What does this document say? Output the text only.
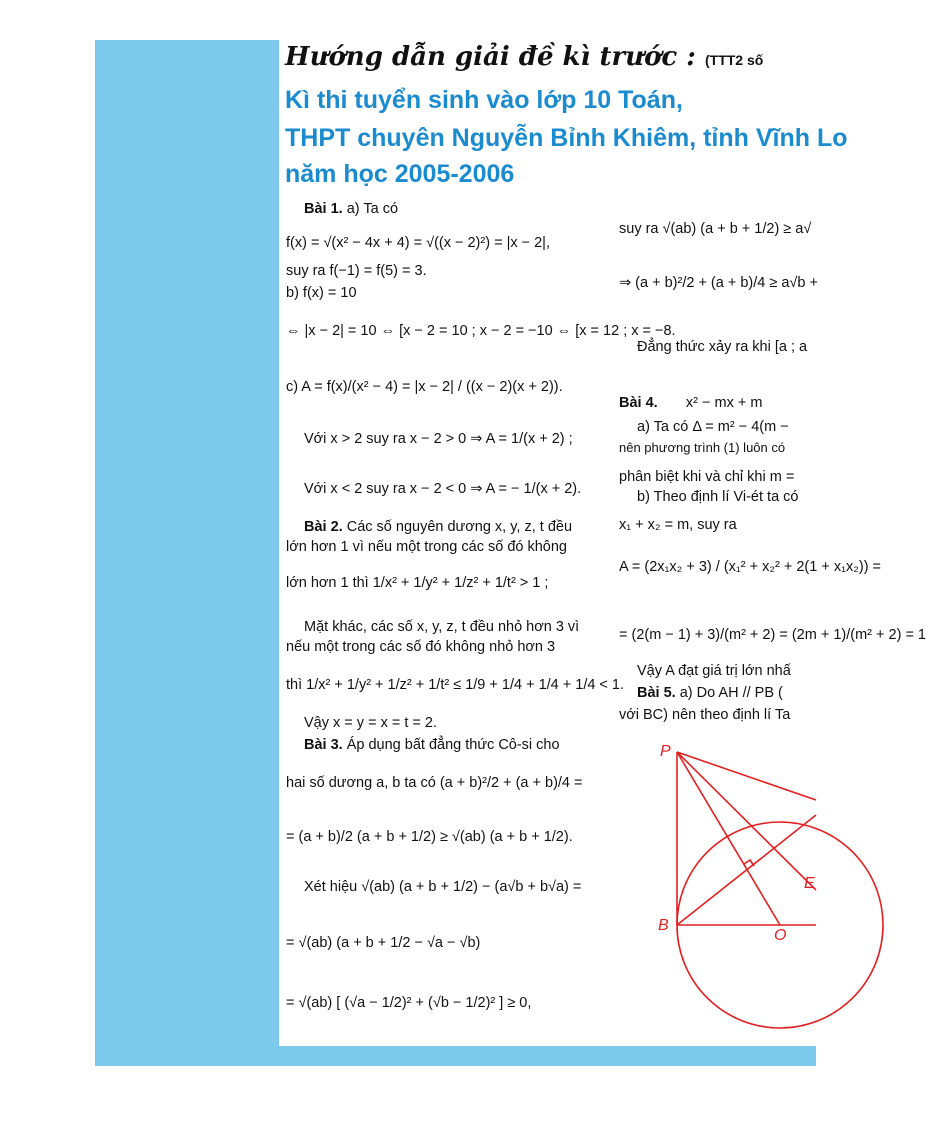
Hướng dẫn giải đề kì trước : (TTT2 số
Kì thi tuyển sinh vào lớp 10 Toán,
THPT chuyên Nguyễn Bỉnh Khiêm, tỉnh Vĩnh Lo
năm học 2005-2006
Bài 1. a) Ta có
f(x) = √(x² − 4x + 4) = √((x − 2)²) = |x − 2|,
suy ra f(−1) = f(5) = 3.
b) f(x) = 10
⇔ |x − 2| = 10 ⇔ [x − 2 = 10 ; x − 2 = −10 ⇔ [x = 12 ; x = −8.
c) A = f(x)/(x² − 4) = |x − 2| / ((x − 2)(x + 2)).
Với x > 2 suy ra x − 2 > 0 ⇒ A = 1/(x + 2) ;
Với x < 2 suy ra x − 2 < 0 ⇒ A = − 1/(x + 2).
Bài 2. Các số nguyên dương x, y, z, t đều
lớn hơn 1 vì nếu một trong các số đó không
lớn hơn 1 thì 1/x² + 1/y² + 1/z² + 1/t² > 1 ;
Mặt khác, các số x, y, z, t đều nhỏ hơn 3 vì
nếu một trong các số đó không nhỏ hơn 3
thì 1/x² + 1/y² + 1/z² + 1/t² ≤ 1/9 + 1/4 + 1/4 + 1/4 < 1.
Vậy x = y = x = t = 2.
Bài 3. Áp dụng bất đẳng thức Cô-si cho
hai số dương a, b ta có (a + b)²/2 + (a + b)/4 =
= (a + b)/2 (a + b + 1/2) ≥ √(ab) (a + b + 1/2).
Xét hiệu √(ab) (a + b + 1/2) − (a√b + b√a) =
= √(ab) (a + b + 1/2 − √a − √b)
= √(ab) [ (√a − 1/2)² + (√b − 1/2)² ] ≥ 0,
suy ra √(ab) (a + b + 1/2) ≥ a√
⇒ (a + b)²/2 + (a + b)/4 ≥ a√b +
Đẳng thức xảy ra khi [a ; a
Bài 4. x² − mx + m
a) Ta có Δ = m² − 4(m −
nên phương trình (1) luôn có
phân biệt khi và chỉ khi m =
b) Theo định lí Vi-ét ta có
x₁ + x₂ = m, suy ra
A = (2x₁x₂ + 3) / (x₁² + x₂² + 2(1 + x₁x₂)) =
= (2(m − 1) + 3)/(m² + 2) = (2m + 1)/(m² + 2) = 1
Vậy A đạt giá trị lớn nhấ
Bài 5. a) Do AH // PB (
với BC) nên theo định lí Ta
P
B
O
E
